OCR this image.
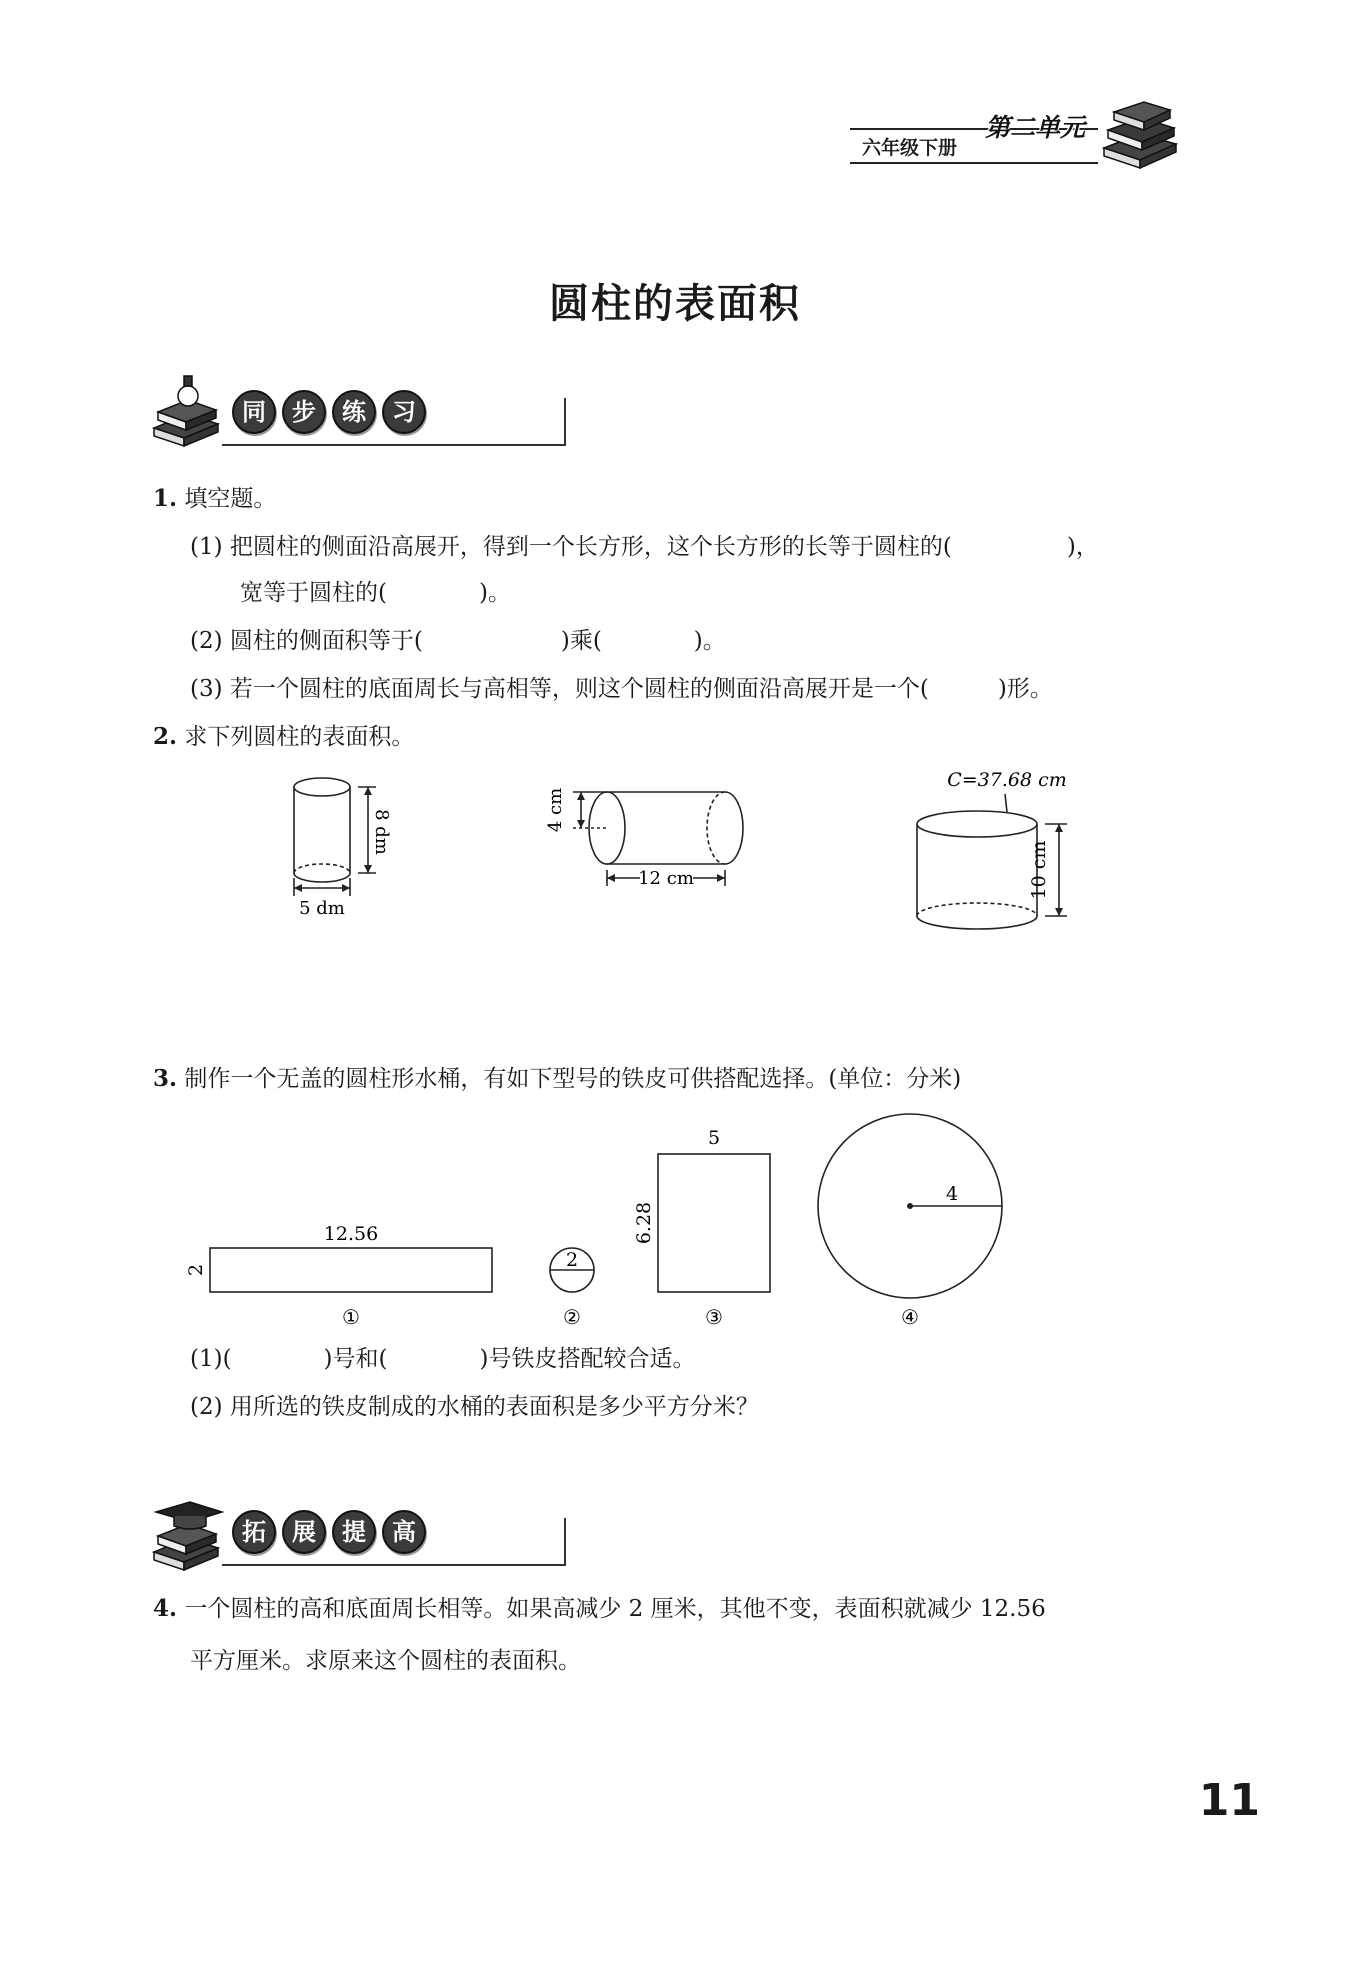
六年级下册
第二单元
圆柱的表面积
同	步	练	习
1. 填空题。
(1) 把圆柱的侧面沿高展开，得到一个长方形，这个长方形的长等于圆柱的(　　　　　)，
宽等于圆柱的(　　　　)。
(2) 圆柱的侧面积等于(　　　　　　)乘(　　　　)。
(3) 若一个圆柱的底面周长与高相等，则这个圆柱的侧面沿高展开是一个(　　　)形。
2. 求下列圆柱的表面积。
8 dm
5 dm
4 cm
12 cm
C=37.68 cm
10 cm
3. 制作一个无盖的圆柱形水桶，有如下型号的铁皮可供搭配选择。(单位：分米)
12.56
2	2
5
6.28
4
①	②	③	④
(1)(　　　　)号和(　　　　)号铁皮搭配较合适。
(2) 用所选的铁皮制成的水桶的表面积是多少平方分米？
拓	展	提	高
4. 一个圆柱的高和底面周长相等。如果高减少 2 厘米，其他不变，表面积就减少 12.56
平方厘米。求原来这个圆柱的表面积。
11
